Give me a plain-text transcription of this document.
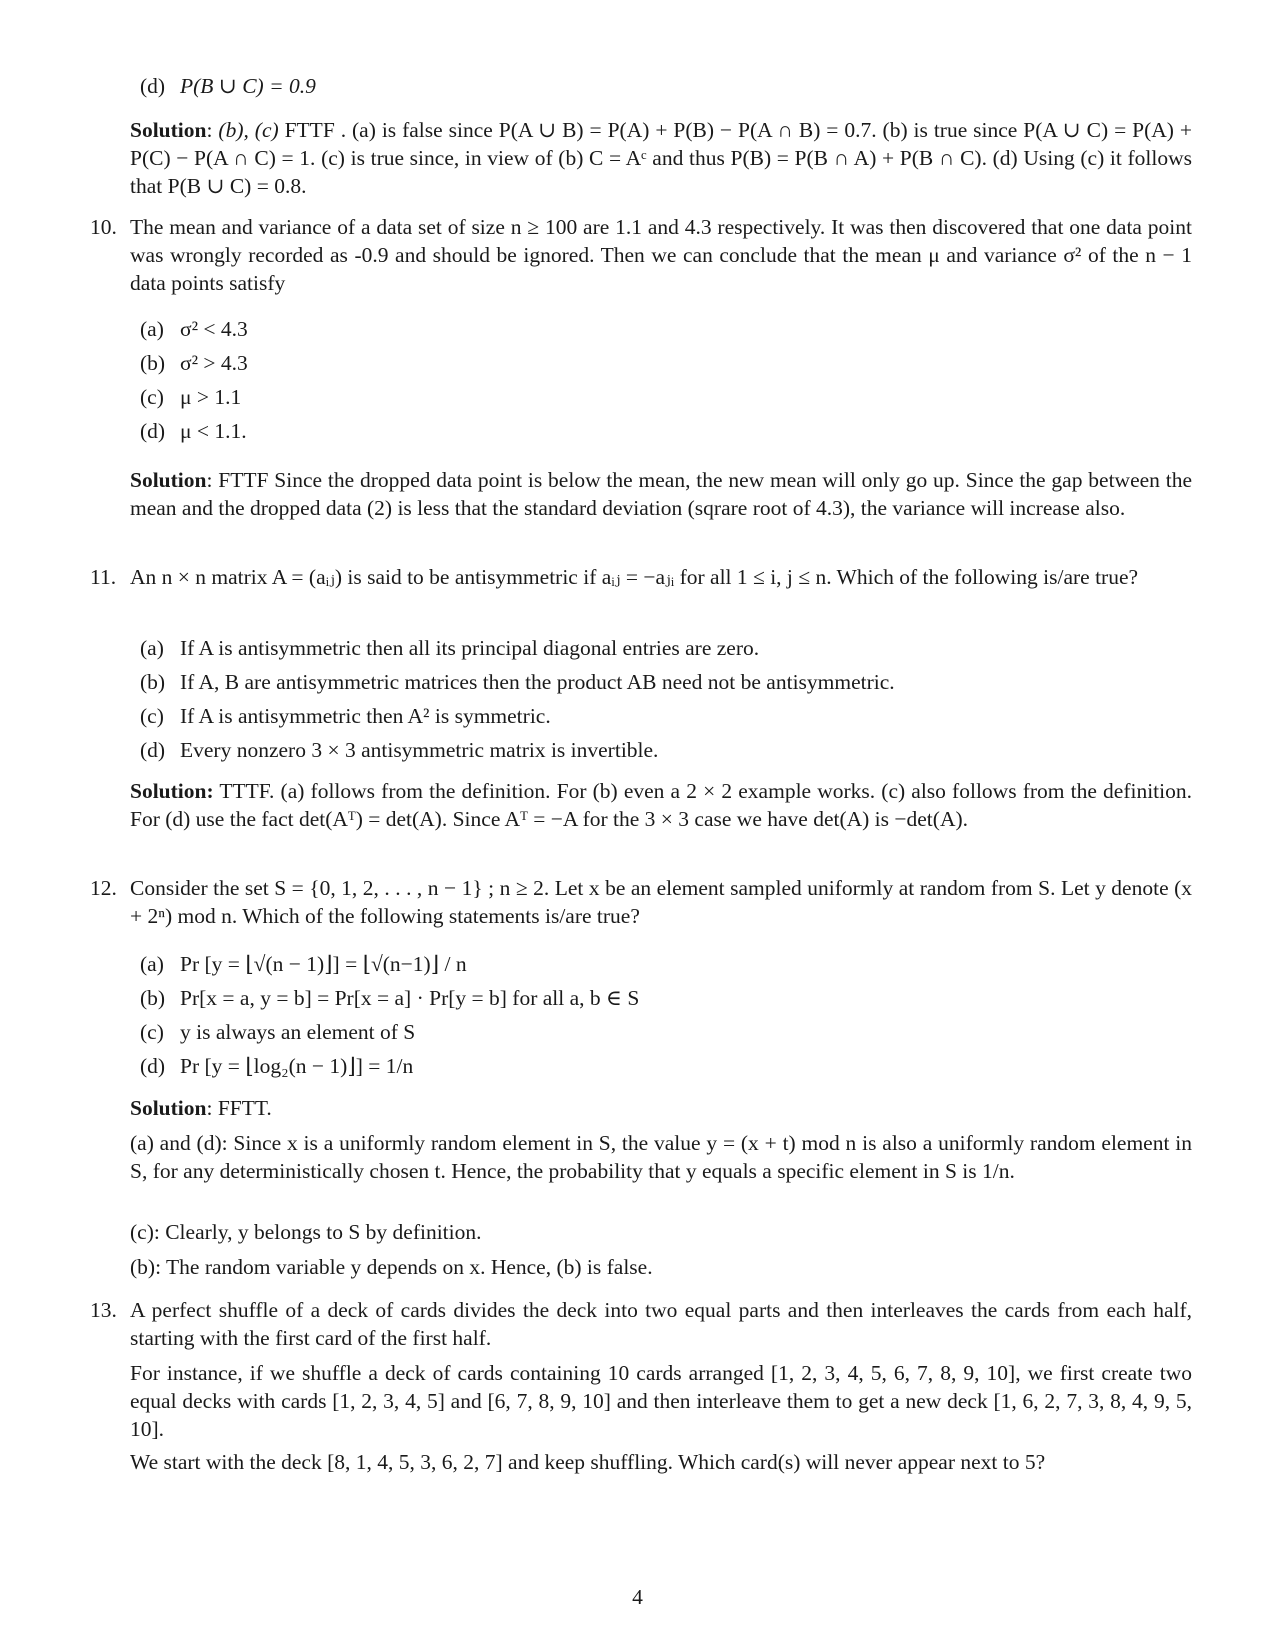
(d) P(B ∪ C) = 0.9
Solution: (b), (c) FTTF . (a) is false since P(A ∪ B) = P(A) + P(B) − P(A ∩ B) = 0.7. (b) is true since P(A ∪ C) = P(A) + P(C) − P(A ∩ C) = 1. (c) is true since, in view of (b) C = Aᶜ and thus P(B) = P(B ∩ A) + P(B ∩ C). (d) Using (c) it follows that P(B ∪ C) = 0.8.
10. The mean and variance of a data set of size n ≥ 100 are 1.1 and 4.3 respectively. It was then discovered that one data point was wrongly recorded as -0.9 and should be ignored. Then we can conclude that the mean μ and variance σ² of the n − 1 data points satisfy
(a) σ² < 4.3
(b) σ² > 4.3
(c) μ > 1.1
(d) μ < 1.1.
Solution: FTTF Since the dropped data point is below the mean, the new mean will only go up. Since the gap between the mean and the dropped data (2) is less that the standard deviation (sqrare root of 4.3), the variance will increase also.
11. An n × n matrix A = (aᵢⱼ) is said to be antisymmetric if aᵢⱼ = −aⱼᵢ for all 1 ≤ i, j ≤ n. Which of the following is/are true?
(a) If A is antisymmetric then all its principal diagonal entries are zero.
(b) If A, B are antisymmetric matrices then the product AB need not be antisymmetric.
(c) If A is antisymmetric then A² is symmetric.
(d) Every nonzero 3 × 3 antisymmetric matrix is invertible.
Solution: TTTF. (a) follows from the definition. For (b) even a 2 × 2 example works. (c) also follows from the definition. For (d) use the fact det(Aᵀ) = det(A). Since Aᵀ = −A for the 3 × 3 case we have det(A) is −det(A).
12. Consider the set S = {0, 1, 2, . . . , n − 1} ; n ≥ 2. Let x be an element sampled uniformly at random from S. Let y denote (x + 2ⁿ) mod n. Which of the following statements is/are true?
(a) Pr [y = ⌊√(n − 1)⌋] = ⌊√(n−1)⌋ / n
(b) Pr[x = a, y = b] = Pr[x = a] · Pr[y = b] for all a, b ∈ S
(c) y is always an element of S
(d) Pr [y = ⌊log₂(n − 1)⌋] = 1/n
Solution: FFTT.
(a) and (d): Since x is a uniformly random element in S, the value y = (x + t) mod n is also a uniformly random element in S, for any deterministically chosen t. Hence, the probability that y equals a specific element in S is 1/n.
(c): Clearly, y belongs to S by definition.
(b): The random variable y depends on x. Hence, (b) is false.
13. A perfect shuffle of a deck of cards divides the deck into two equal parts and then interleaves the cards from each half, starting with the first card of the first half.
For instance, if we shuffle a deck of cards containing 10 cards arranged [1, 2, 3, 4, 5, 6, 7, 8, 9, 10], we first create two equal decks with cards [1, 2, 3, 4, 5] and [6, 7, 8, 9, 10] and then interleave them to get a new deck [1, 6, 2, 7, 3, 8, 4, 9, 5, 10].
We start with the deck [8, 1, 4, 5, 3, 6, 2, 7] and keep shuffling. Which card(s) will never appear next to 5?
4
